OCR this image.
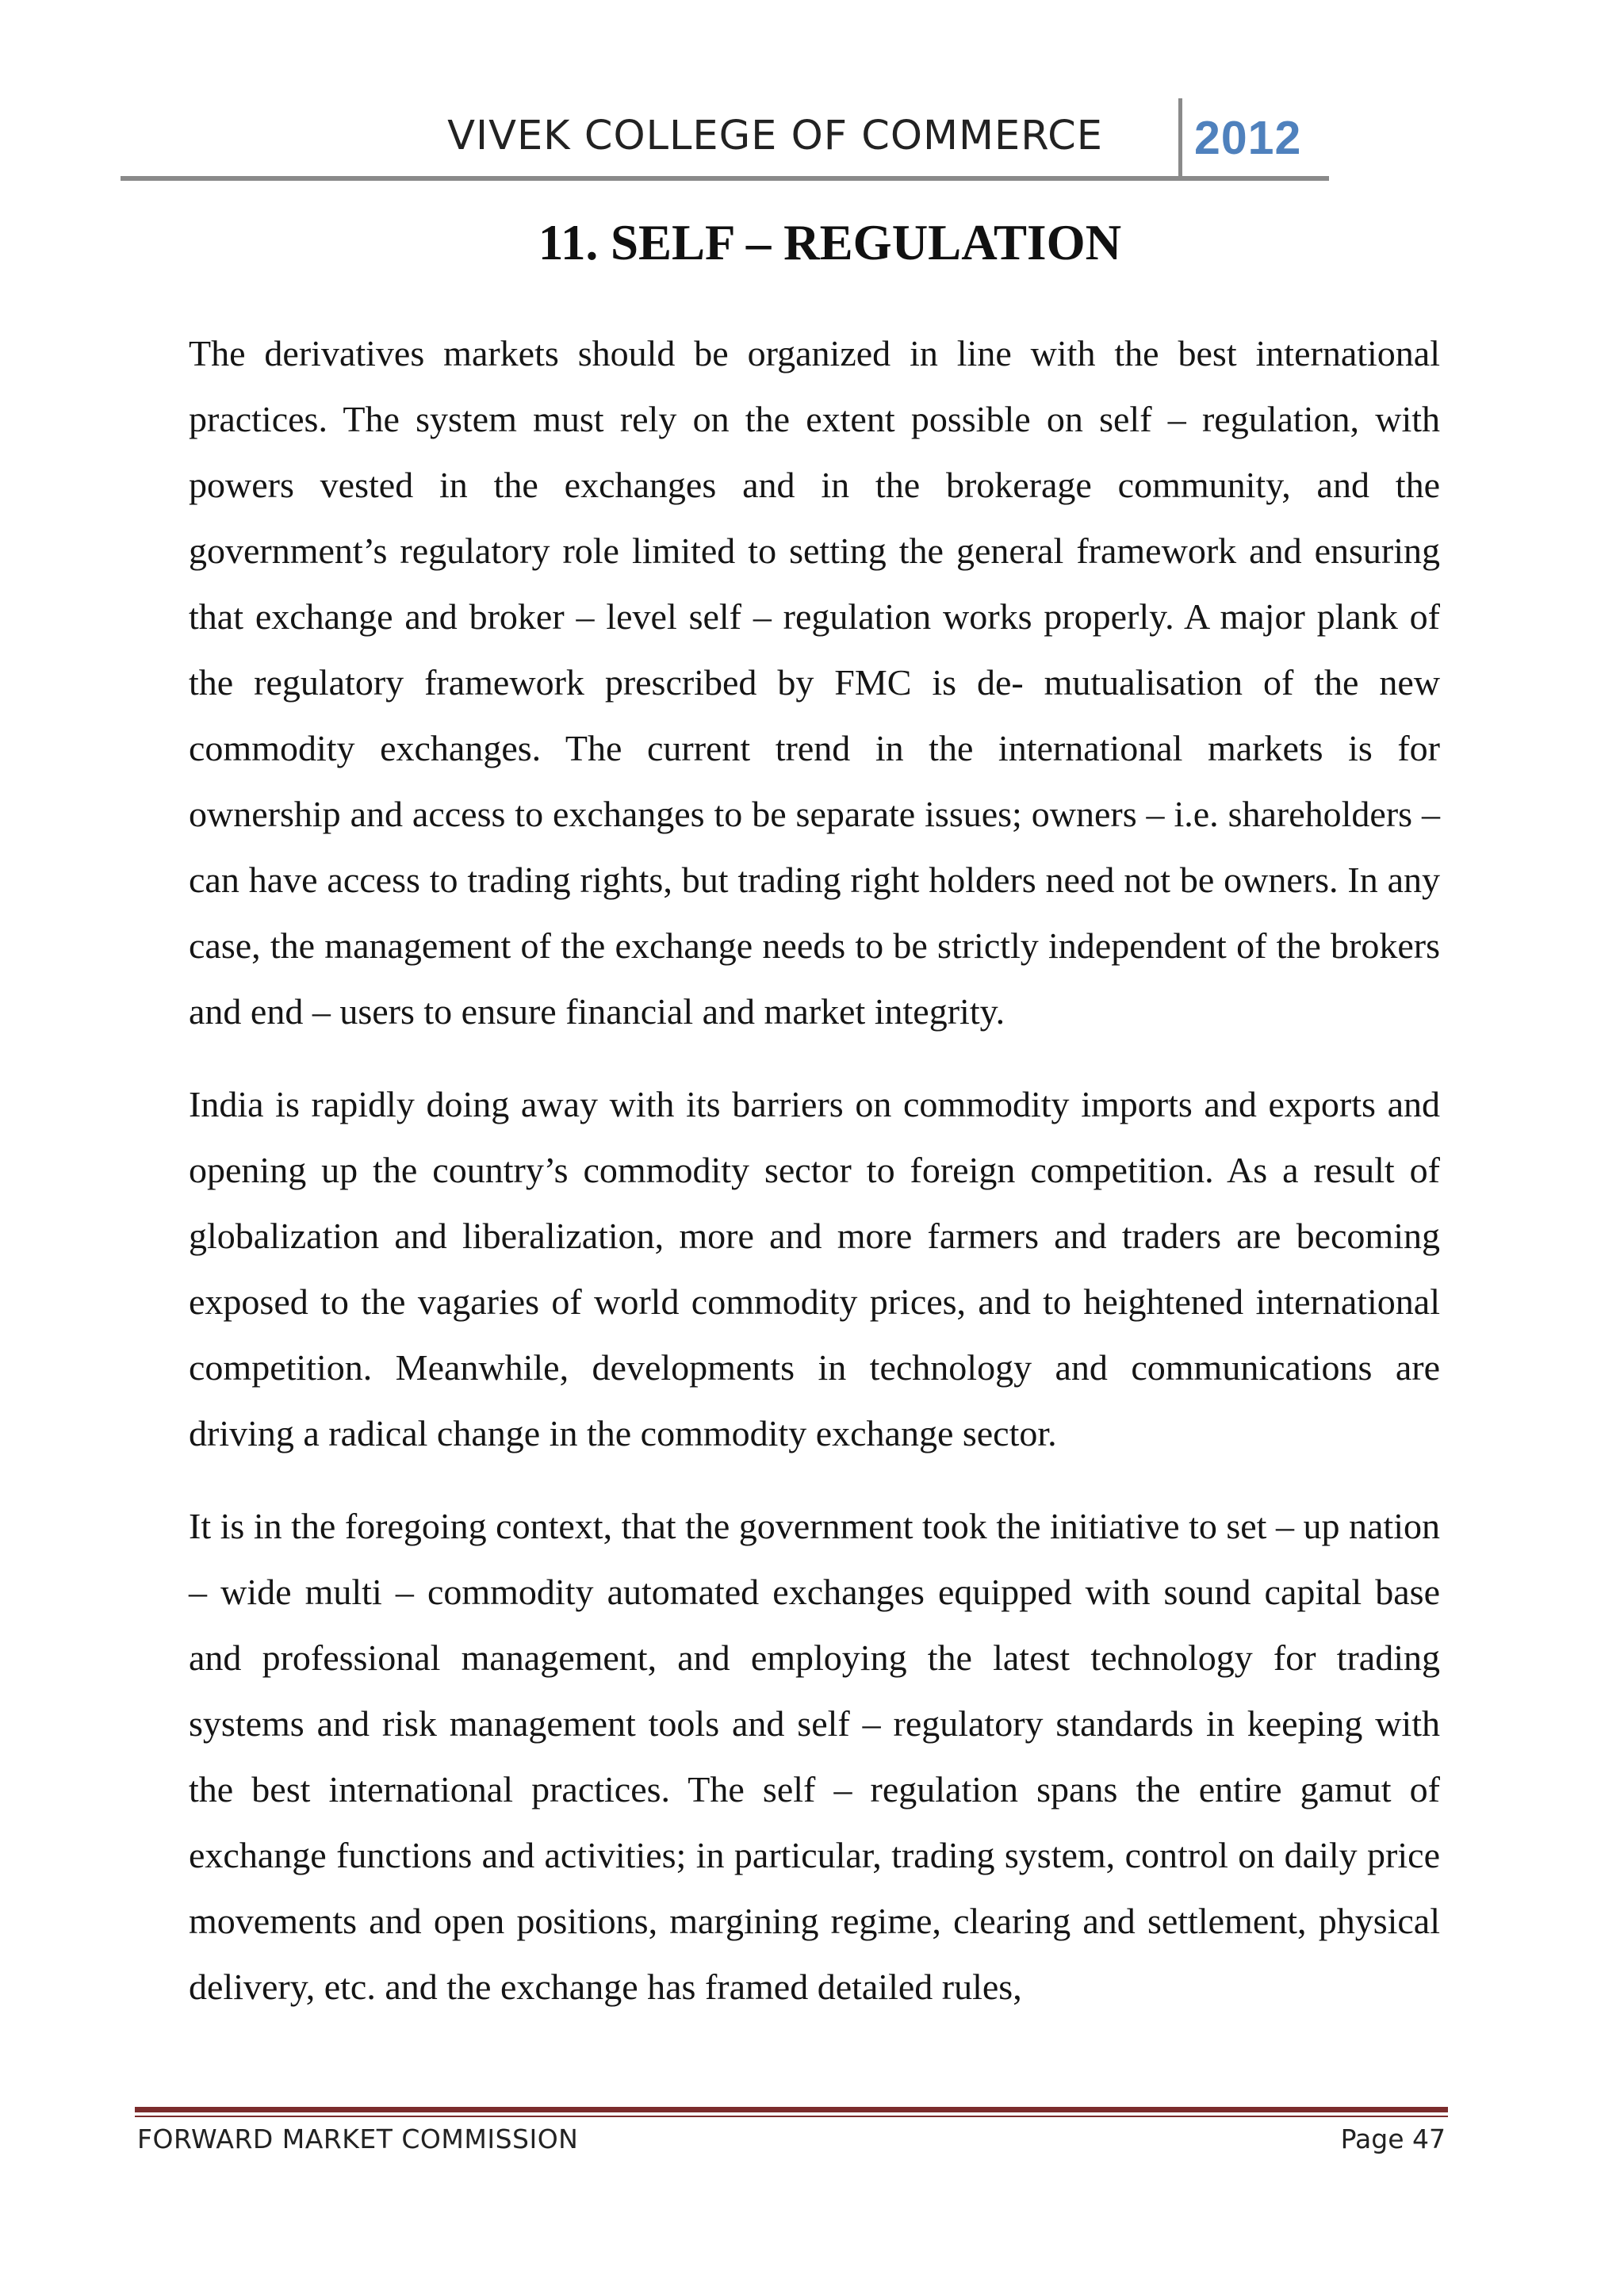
VIVEK COLLEGE OF COMMERCE 2012
11. SELF – REGULATION

The derivatives markets should be organized in line with the best international practices. The system must rely on the extent possible on self – regulation, with powers vested in the exchanges and in the brokerage community, and the government’s regulatory role limited to setting the general framework and ensuring that exchange and broker – level self – regulation works properly. A major plank of the regulatory framework prescribed by FMC is de- mutualisation of the new commodity exchanges. The current trend in the international markets is for ownership and access to exchanges to be separate issues; owners – i.e. shareholders – can have access to trading rights, but trading right holders need not be owners. In any case, the management of the exchange needs to be strictly independent of the brokers and end – users to ensure financial and market integrity.

India is rapidly doing away with its barriers on commodity imports and exports and opening up the country’s commodity sector to foreign competition. As a result of globalization and liberalization, more and more farmers and traders are becoming exposed to the vagaries of world commodity prices, and to heightened international competition. Meanwhile, developments in technology and communications are driving a radical change in the commodity exchange sector.

It is in the foregoing context, that the government took the initiative to set – up nation – wide multi – commodity automated exchanges equipped with sound capital base and professional management, and employing the latest technology for trading systems and risk management tools and self – regulatory standards in keeping with the best international practices. The self – regulation spans the entire gamut of exchange functions and activities; in particular, trading system, control on daily price movements and open positions, margining regime, clearing and settlement, physical delivery, etc. and the exchange has framed detailed rules,

FORWARD MARKET COMMISSION	Page 47
